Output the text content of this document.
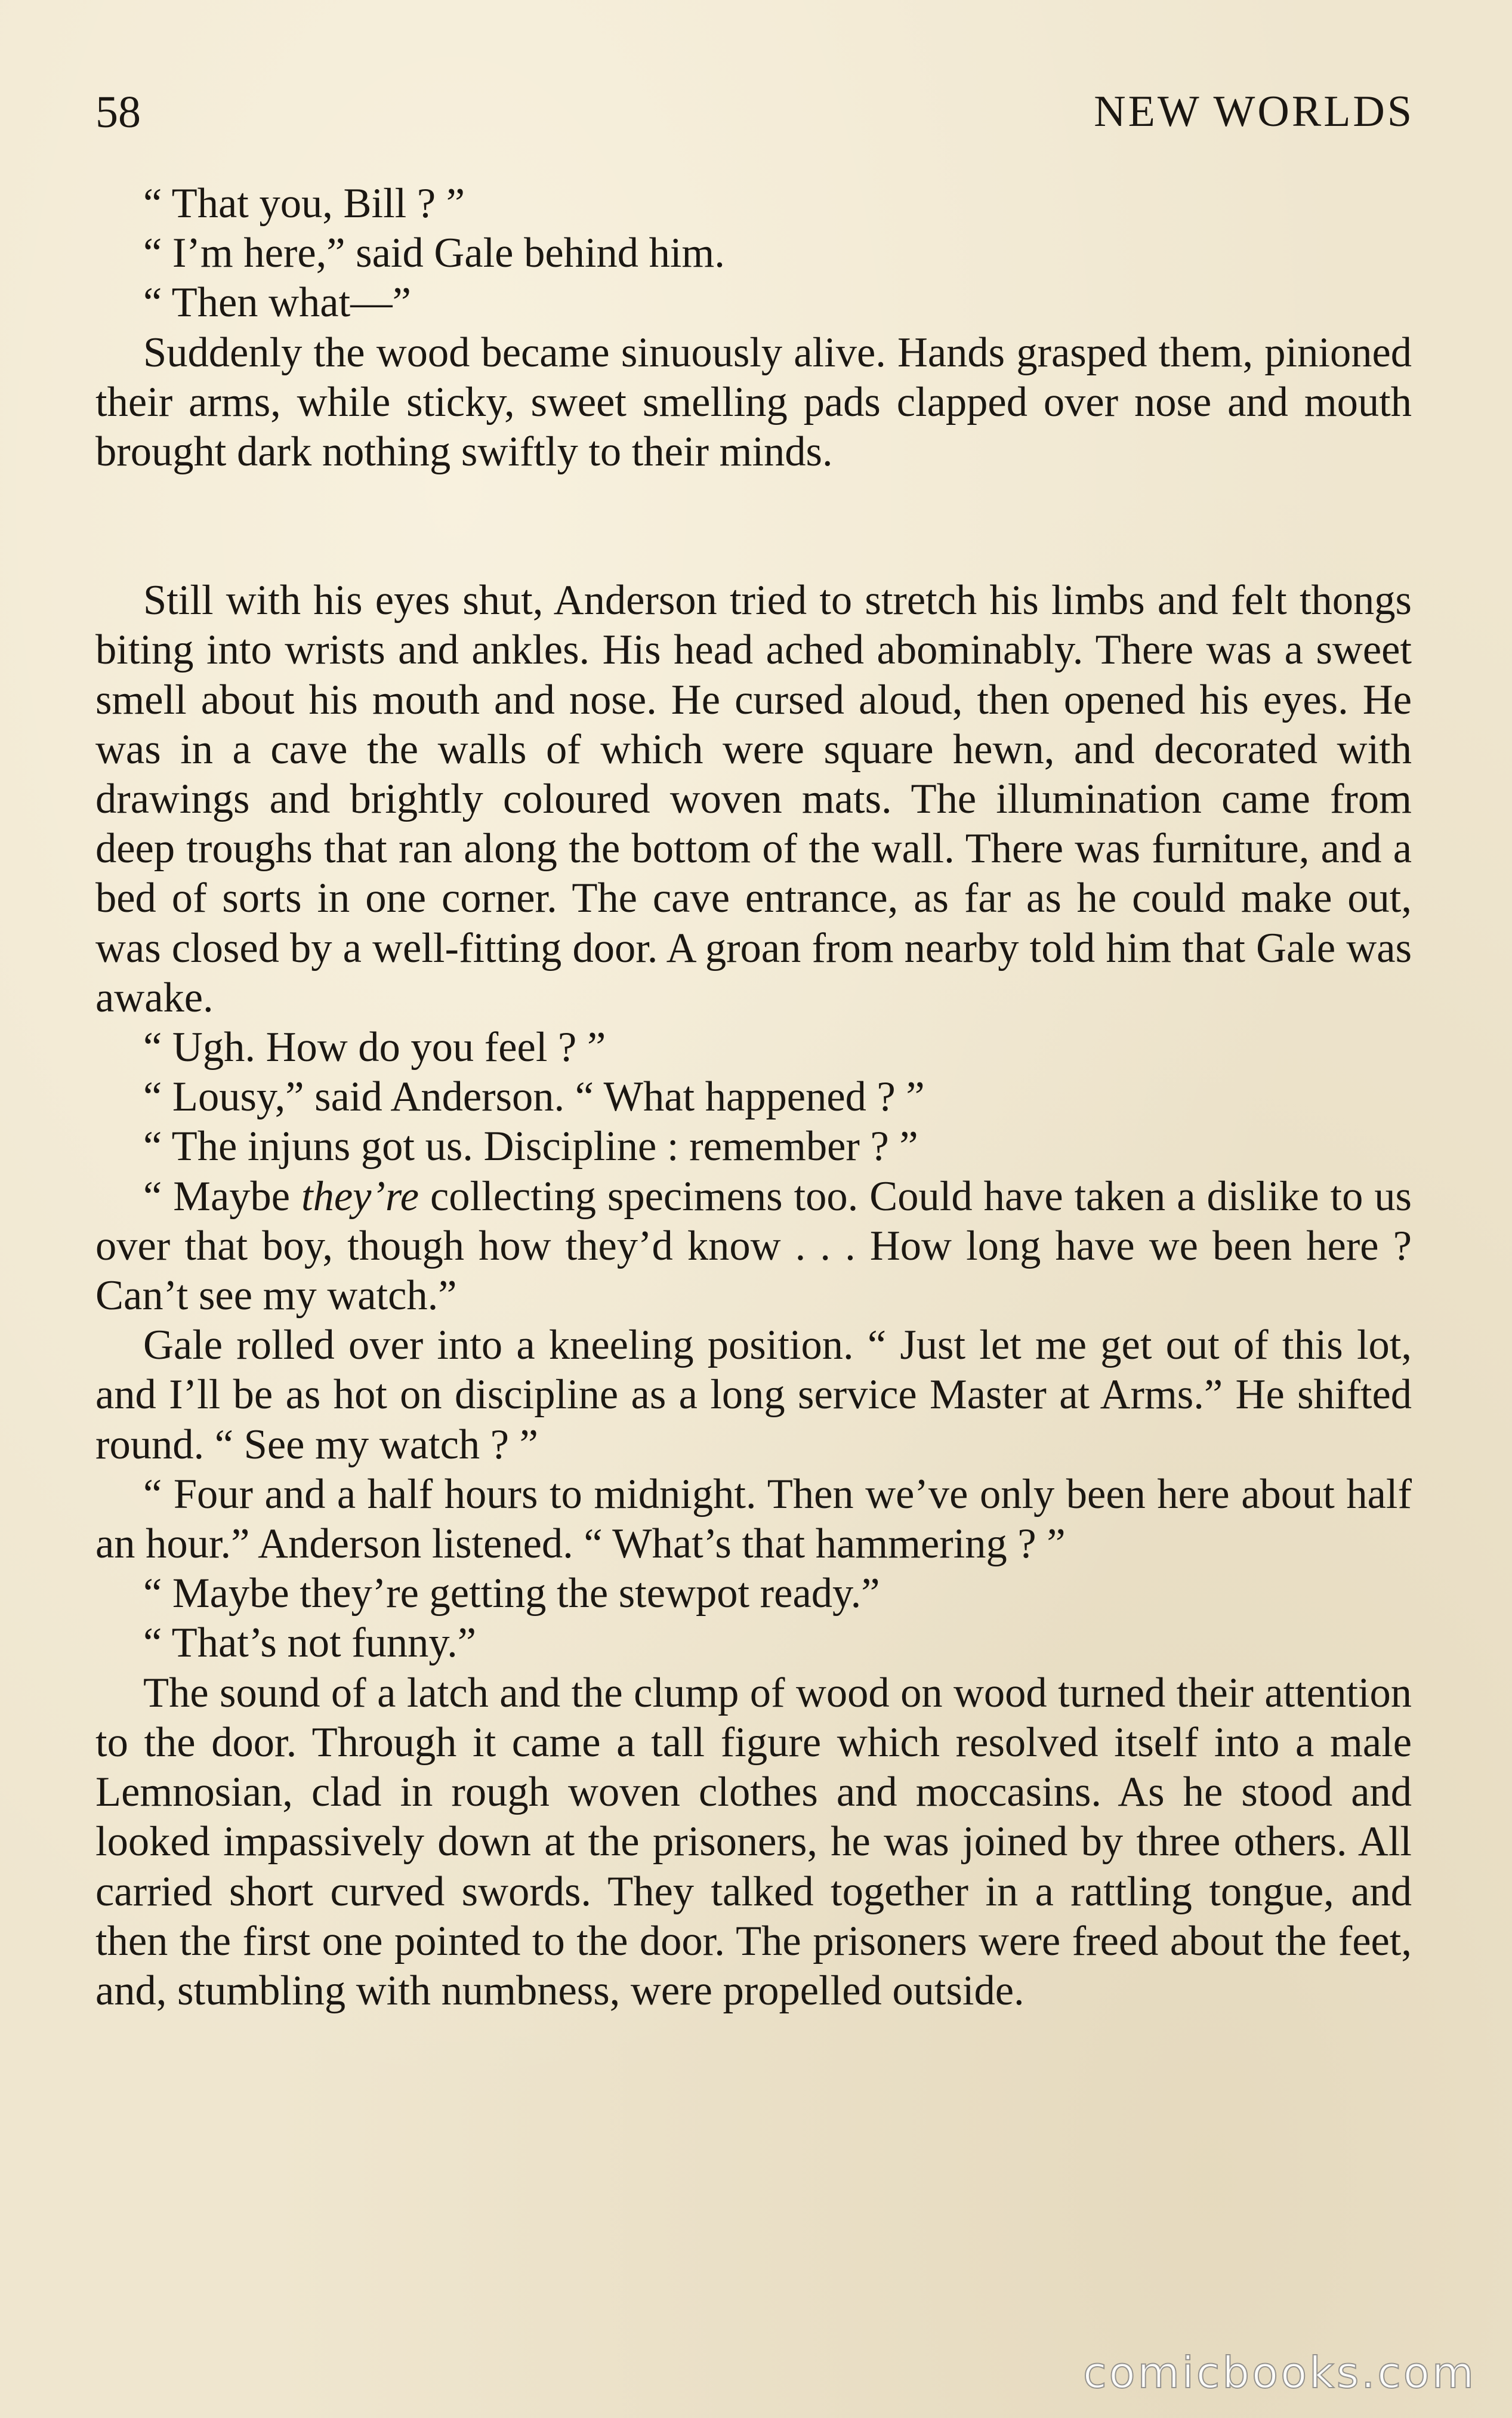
58	NEW WORLDS

“ That you, Bill ? ”

“ I’m here,” said Gale behind him.

“ Then what—”

Suddenly the wood became sinuously alive. Hands grasped them, pinioned their arms, while sticky, sweet smelling pads clapped over nose and mouth brought dark nothing swiftly to their minds.

Still with his eyes shut, Anderson tried to stretch his limbs and felt thongs biting into wrists and ankles. His head ached abominably. There was a sweet smell about his mouth and nose. He cursed aloud, then opened his eyes. He was in a cave the walls of which were square hewn, and decorated with drawings and brightly coloured woven mats. The illumination came from deep troughs that ran along the bottom of the wall. There was furniture, and a bed of sorts in one corner. The cave entrance, as far as he could make out, was closed by a well-fitting door. A groan from nearby told him that Gale was awake.

“ Ugh. How do you feel ? ”

“ Lousy,” said Anderson. “ What happened ? ”

“ The injuns got us. Discipline : remember ? ”

“ Maybe they’re collecting specimens too. Could have taken a dislike to us over that boy, though how they’d know . . . How long have we been here ? Can’t see my watch.”

Gale rolled over into a kneeling position. “ Just let me get out of this lot, and I’ll be as hot on discipline as a long service Master at Arms.” He shifted round. “ See my watch ? ”

“ Four and a half hours to midnight. Then we’ve only been here about half an hour.” Anderson listened. “ What’s that hammering ? ”

“ Maybe they’re getting the stewpot ready.”

“ That’s not funny.”

The sound of a latch and the clump of wood on wood turned their attention to the door. Through it came a tall figure which resolved itself into a male Lemnosian, clad in rough woven clothes and moccasins. As he stood and looked impassively down at the prisoners, he was joined by three others. All carried short curved swords. They talked together in a rattling tongue, and then the first one pointed to the door. The prisoners were freed about the feet, and, stumbling with numbness, were propelled outside.

comicbooks.com
